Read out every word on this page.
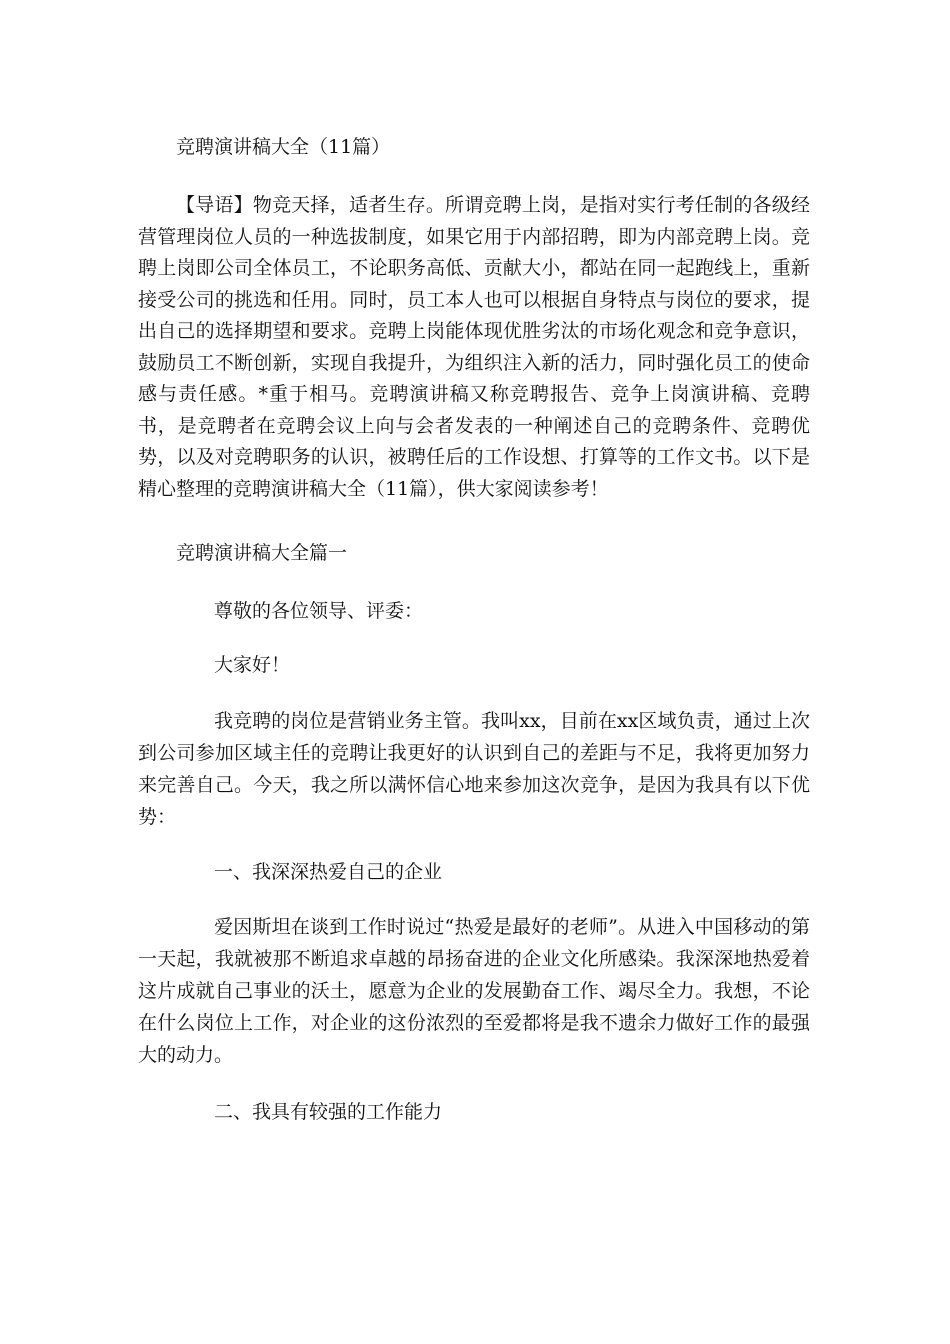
竞聘演讲稿大全（11篇）

【导语】物竞天择，适者生存。所谓竞聘上岗，是指对实行考任制的各级经营管理岗位人员的一种选拔制度，如果它用于内部招聘，即为内部竞聘上岗。竞聘上岗即公司全体员工，不论职务高低、贡献大小，都站在同一起跑线上，重新接受公司的挑选和任用。同时，员工本人也可以根据自身特点与岗位的要求，提出自己的选择期望和要求。竞聘上岗能体现优胜劣汰的市场化观念和竞争意识，鼓励员工不断创新，实现自我提升，为组织注入新的活力，同时强化员工的使命感与责任感。*重于相马。竞聘演讲稿又称竞聘报告、竞争上岗演讲稿、竞聘书，是竞聘者在竞聘会议上向与会者发表的一种阐述自己的竞聘条件、竞聘优势，以及对竞聘职务的认识，被聘任后的工作设想、打算等的工作文书。以下是精心整理的竞聘演讲稿大全（11篇），供大家阅读参考！

竞聘演讲稿大全篇一
尊敬的各位领导、评委：
大家好！

我竞聘的岗位是营销业务主管。我叫xx，目前在xx区域负责，通过上次到公司参加区域主任的竞聘让我更好的认识到自己的差距与不足，我将更加努力来完善自己。今天，我之所以满怀信心地来参加这次竞争，是因为我具有以下优势：

一、我深深热爱自己的企业

爱因斯坦在谈到工作时说过“热爱是最好的老师”。从进入中国移动的第一天起，我就被那不断追求卓越的昂扬奋进的企业文化所感染。我深深地热爱着这片成就自己事业的沃土，愿意为企业的发展勤奋工作、竭尽全力。我想，不论在什么岗位上工作，对企业的这份浓烈的至爱都将是我不遗余力做好工作的最强大的动力。

二、我具有较强的工作能力
